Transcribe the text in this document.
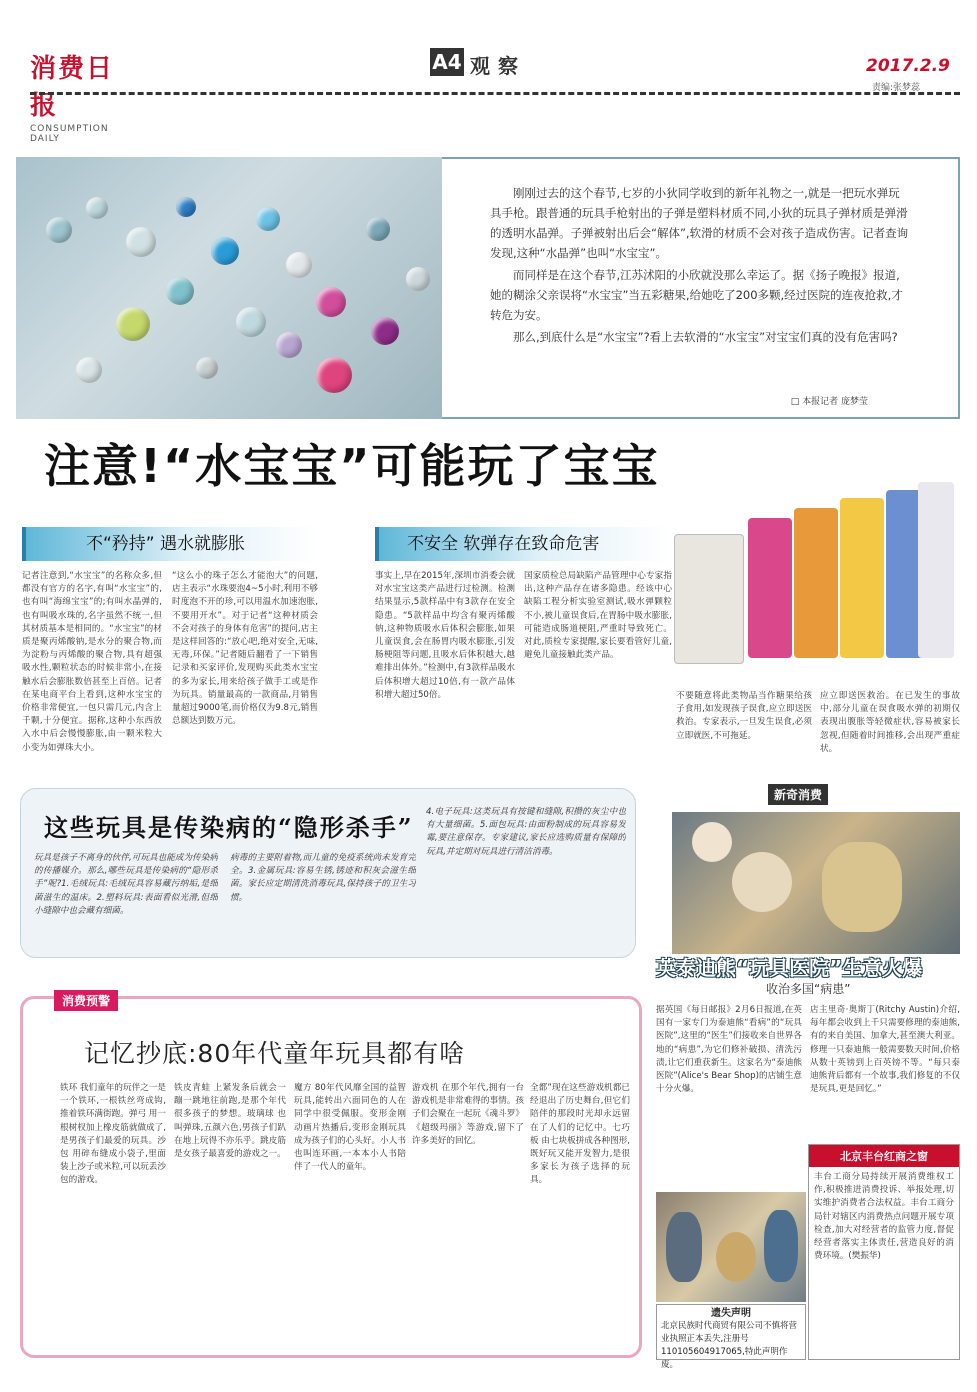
消费日报
CONSUMPTION DAILY
A4 观察	2017.2.9
责编:张梦蕊

刚刚过去的这个春节,七岁的小狄同学收到的新年礼物之一,就是一把玩水弹玩具手枪。跟普通的玩具手枪射出的子弹是塑料材质不同,小狄的玩具子弹材质是弹滑的透明水晶弹。子弹被射出后会“解体”,软滑的材质不会对孩子造成伤害。记者查询发现,这种“水晶弹”也叫“水宝宝”。

而同样是在这个春节,江苏沭阳的小欣就没那么幸运了。据《扬子晚报》报道,她的糊涂父亲误将“水宝宝”当五彩糖果,给她吃了200多颗,经过医院的连夜抢救,才转危为安。

那么,到底什么是“水宝宝”?看上去软滑的“水宝宝”对宝宝们真的没有危害吗?

□ 本报记者 庞梦莹
注意!“水宝宝”可能玩了宝宝
不“矜持” 遇水就膨胀
记者注意到,“水宝宝”的名称众多,但都没有官方的名字,有叫“水宝宝”的,也有叫“海绵宝宝”的;有叫水晶弹的,也有叫吸水珠的,名字虽然不统一,但其材质基本是相同的。“水宝宝”的材质是聚丙烯酸钠,是水分的聚合物,而为淀粉与丙烯酸的聚合物,具有超强吸水性,颗粒状态的时候非常小,在接触水后会膨胀数倍甚至上百倍。记者在某电商平台上看到,这种水宝宝的价格非常便宜,一包只需几元,内含上千颗,十分便宜。据称,这种小东西放入水中后会慢慢膨胀,由一颗米粒大小变为如弹珠大小。
“这么小的珠子怎么才能泡大”的问题,店主表示“水珠要泡4~5小时,利用不够时度泡不开的珍,可以用温水加速泡胀,不要用开水”。对于记者“这种材质会不会对孩子的身体有危害”的提问,店主是这样回答的:“放心吧,绝对安全,无味,无毒,环保。”记者随后翻看了一下销售记录和买家评价,发现购买此类水宝宝的多为家长,用来给孩子做手工或是作为玩具。销量最高的一款商品,月销售量超过9000笔,而价格仅为9.8元,销售总额达到数万元。
不安全 软弹存在致命危害
事实上,早在2015年,深圳市消委会就对水宝宝这类产品进行过检测。检测结果显示,5款样品中有3款存在安全隐患。“5款样品中均含有聚丙烯酸钠,这种物质吸水后体积会膨胀,如果儿童误食,会在肠胃内吸水膨胀,引发肠梗阻等问题,且吸水后体积越大,越难排出体外。”检测中,有3款样品吸水后体积增大超过10倍,有一款产品体积增大超过50倍。
国家质检总局缺陷产品管理中心专家指出,这种产品存在诸多隐患。经该中心缺陷工程分析实验室测试,吸水弹颗粒不小,被儿童误食后,在胃肠中吸水膨胀,可能造成肠道梗阻,严重时导致死亡。对此,质检专家提醒,家长要看管好儿童,避免儿童接触此类产品。
不要随意将此类物品当作糖果给孩子食用,如发现孩子误食,应立即送医救治。专家表示,一旦发生误食,必须立即就医,不可拖延。
应立即送医救治。在已发生的事故中,部分儿童在误食吸水弹的初期仅表现出腹胀等轻微症状,容易被家长忽视,但随着时间推移,会出现严重症状。
这些玩具是传染病的“隐形杀手”
玩具是孩子不离身的伙伴,可玩具也能成为传染病的传播媒介。那么,哪些玩具是传染病的“隐形杀手”呢?1.毛绒玩具:毛绒玩具容易藏污纳垢,是细菌滋生的温床。2.塑料玩具:表面看似光滑,但细小缝隙中也会藏有细菌。
病毒的主要附着物,而儿童的免疫系统尚未发育完全。3.金属玩具:容易生锈,锈迹和积灰会滋生细菌。家长应定期清洗消毒玩具,保持孩子的卫生习惯。
4.电子玩具:这类玩具有按键和缝隙,积攒的灰尘中也有大量细菌。5.面包玩具:由面粉制成的玩具容易发霉,要注意保存。专家建议,家长应选购质量有保障的玩具,并定期对玩具进行清洁消毒。
新奇消费
英泰迪熊“玩具医院”生意火爆
收治多国“病患”
据英国《每日邮报》2月6日报道,在英国有一家专门为泰迪熊“看病”的“玩具医院”,这里的“医生”们接收来自世界各地的“病患”,为它们修补破损、清洗污渍,让它们重获新生。这家名为“泰迪熊医院”(Alice's Bear Shop)的店铺生意十分火爆。
店主里奇·奥斯丁(Ritchy Austin)介绍,每年都会收到上千只需要修理的泰迪熊,有的来自美国、加拿大,甚至澳大利亚。修理一只泰迪熊一般需要数天时间,价格从数十英镑到上百英镑不等。“每只泰迪熊背后都有一个故事,我们修复的不仅是玩具,更是回忆。”
消费预警
记忆抄底:80年代童年玩具都有啥
铁环 我们童年的玩伴之一是一个铁环,一根铁丝弯成钩,推着铁环满街跑。弹弓 用一根树杈加上橡皮筋就做成了,是男孩子们最爱的玩具。沙包 用碎布缝成小袋子,里面装上沙子或米粒,可以玩丢沙包的游戏。
铁皮青蛙 上紧发条后就会一蹦一跳地往前跑,是那个年代很多孩子的梦想。玻璃球 也叫弹珠,五颜六色,男孩子们趴在地上玩得不亦乐乎。跳皮筋 是女孩子最喜爱的游戏之一。
魔方 80年代风靡全国的益智玩具,能转出六面同色的人在同学中很受佩服。变形金刚 动画片热播后,变形金刚玩具成为孩子们的心头好。小人书 也叫连环画,一本本小人书陪伴了一代人的童年。
游戏机 在那个年代,拥有一台游戏机是非常难得的事情。孩子们会聚在一起玩《魂斗罗》《超级玛丽》等游戏,留下了许多美好的回忆。
全都”现在这些游戏机都已经退出了历史舞台,但它们陪伴的那段时光却永远留在了人们的记忆中。七巧板 由七块板拼成各种图形,既好玩又能开发智力,是很多家长为孩子选择的玩具。
遗失声明
北京民族时代商贸有限公司不慎将营业执照正本丢失,注册号110105604917065,特此声明作废。
北京丰台红商之窗
丰台工商分局持续开展消费维权工作,积极推进消费投诉、举报处理,切实维护消费者合法权益。丰台工商分局针对辖区内消费热点问题开展专项检查,加大对经营者的监管力度,督促经营者落实主体责任,营造良好的消费环境。(樊振华)
